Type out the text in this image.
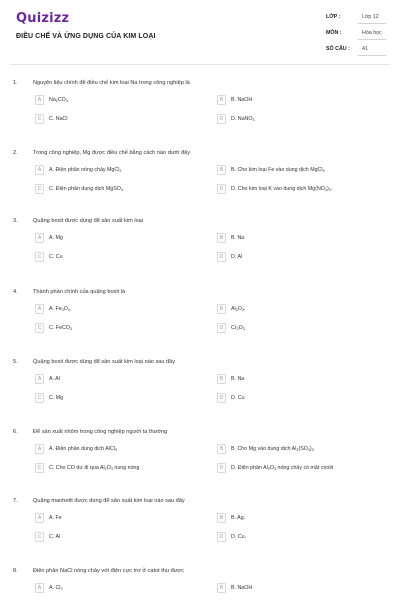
Quizizz
ĐIỀU CHẾ VÀ ỨNG DỤNG CỦA KIM LOẠI
LỚP :	Lớp 12
MÔN :	Hóa học
SỐ CÂU : 41
1.	Nguyên liệu chính để điều chế kim loại Na trong công nghiệp là
A	$Na_2CO_3$	B	B. NaOH
C	C. NaCl	D	D. NaNO$_3$
2.	Trong công nghiệp, Mg được điều chế bằng cách nào dưới đây
A	A. Điện phân nóng chảy MgCl$_2$	B	B. Cho kim loại Fe vào dung dịch MgCl$_2$
C	C. Điện phân dung dịch MgSO$_4$	D	D. Cho kim loại K vào dung dịch $Mg(NO_3)_2$.
3.	Quặng boxit được dùng để sản xuất kim loại
A	A. Mg	B	B. Na
C	C. Cu	D	D. Al
4.	Thành phần chính của quặng boxit là
A	A. $Fe_3O_4$	B	$Al_2O_3$.
C	C. FeCO$_3$	D	$Cr_2O_3$
5.	Quặng boxit được dùng để sản xuất kim loại nào sau đây
A	A. Al	B	B. Na
C	C. Mg	D	D. Cu
6.	Để sản xuất nhôm trong công nghiệp người ta thường
A	A. Điện phân dung dịch AlCl$_3$	B	B. Cho Mg vào dung dịch $Al_2(SO_4)_3$
C	C. Cho CO dư đi qua $Al_2O_3$ nung nóng	D	D. Điện phân $Al_2O_3$ nóng chảy có mặt criolit
7.	Quặng manhetit được dùng để sản xuất kim loại nào sau đây
A	A. Fe	B	B. Ag.
C	C. Al	D	D. Cu.
8.	Điện phân NaCl nóng chảy với điện cực trơ ở catot thu được
A	A. $Cl_2$	B	B. NaOH
